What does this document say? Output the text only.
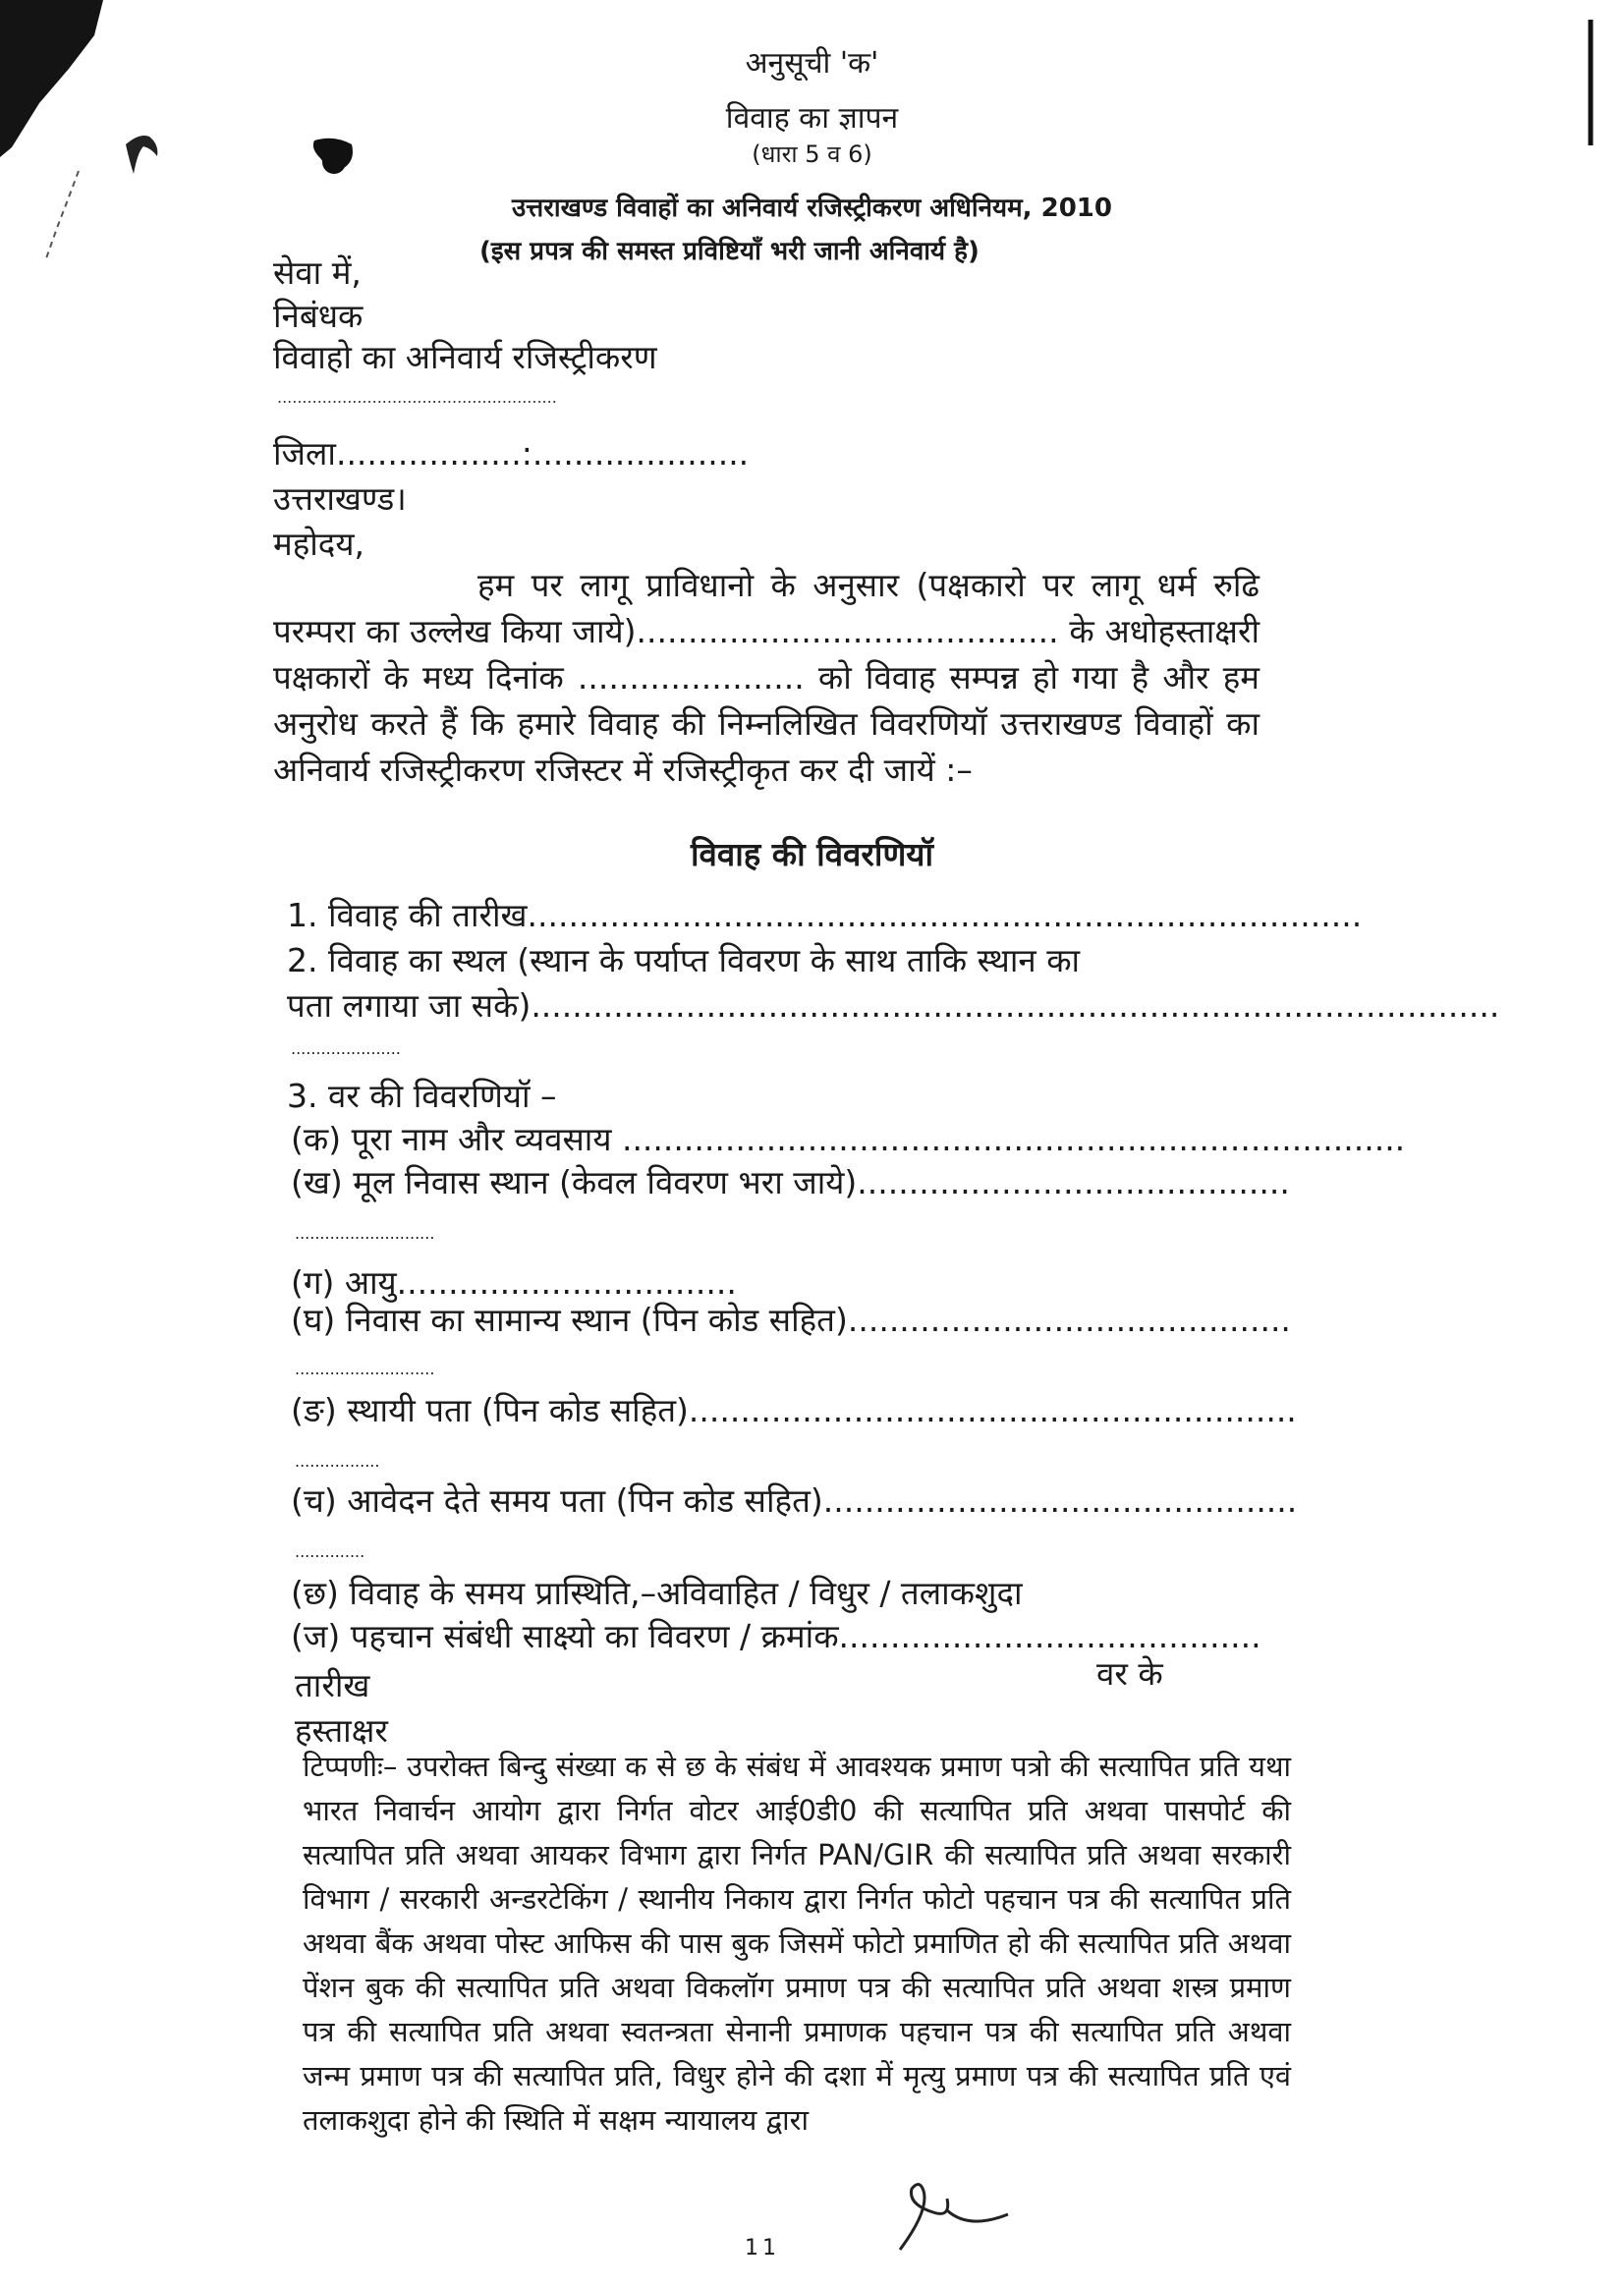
अनुसूची 'क'
विवाह का ज्ञापन
(धारा 5 व 6)
उत्तराखण्ड विवाहों का अनिवार्य रजिस्ट्रीकरण अधिनियम, 2010
(इस प्रपत्र की समस्त प्रविष्टियाँ भरी जानी अनिवार्य है)
सेवा में,
निबंधक
विवाहो का अनिवार्य रजिस्ट्रीकरण
........................................................
जिला..................:.....................
उत्तराखण्ड।
महोदय,
हम पर लागू प्राविधानो के अनुसार (पक्षकारो पर लागू धर्म रुढि परम्परा का उल्लेख किया जाये)......................................... के अधोहस्ताक्षरी पक्षकारों के मध्य दिनांक ...................... को विवाह सम्पन्न हो गया है और हम अनुरोध करते हैं कि हमारे विवाह की निम्नलिखित विवरणियॉ उत्तराखण्ड विवाहों का अनिवार्य रजिस्ट्रीकरण रजिस्टर में रजिस्ट्रीकृत कर दी जायें :–
विवाह की विवरणियॉ
1. विवाह की तारीख.................................................................................
2. विवाह का स्थल (स्थान के पर्याप्त विवरण के साथ ताकि स्थान का
पता लगाया जा सके)..............................................................................................
......................
3. वर की विवरणियॉ –
(क) पूरा नाम और व्यवसाय ............................................................................
(ख) मूल निवास स्थान (केवल विवरण भरा जाये)..........................................
............................
(ग) आयु.................................
(घ) निवास का सामान्य स्थान (पिन कोड सहित)...........................................
............................
(ङ) स्थायी पता (पिन कोड सहित)...........................................................
.................
(च) आवेदन देते समय पता (पिन कोड सहित)..............................................
..............
(छ) विवाह के समय प्रास्थिति,–अविवाहित / विधुर / तलाकशुदा
(ज) पहचान संबंधी साक्ष्यो का विवरण / क्रमांक.........................................
तारीख	वर के
हस्ताक्षर
टिप्पणीः– उपरोक्त बिन्दु संख्या क से छ के संबंध में आवश्यक प्रमाण पत्रो की सत्यापित प्रति यथा भारत निवार्चन आयोग द्वारा निर्गत वोटर आई0डी0 की सत्यापित प्रति अथवा पासपोर्ट की सत्यापित प्रति अथवा आयकर विभाग द्वारा निर्गत PAN/GIR की सत्यापित प्रति अथवा सरकारी विभाग / सरकारी अन्डरटेकिंग / स्थानीय निकाय द्वारा निर्गत फोटो पहचान पत्र की सत्यापित प्रति अथवा बैंक अथवा पोस्ट आफिस की पास बुक जिसमें फोटो प्रमाणित हो की सत्यापित प्रति अथवा पेंशन बुक की सत्यापित प्रति अथवा विकलॉग प्रमाण पत्र की सत्यापित प्रति अथवा शस्त्र प्रमाण पत्र की सत्यापित प्रति अथवा स्वतन्त्रता सेनानी प्रमाणक पहचान पत्र की सत्यापित प्रति अथवा जन्म प्रमाण पत्र की सत्यापित प्रति, विधुर होने की दशा में मृत्यु प्रमाण पत्र की सत्यापित प्रति एवं तलाकशुदा होने की स्थिति में सक्षम न्यायालय द्वारा
11
